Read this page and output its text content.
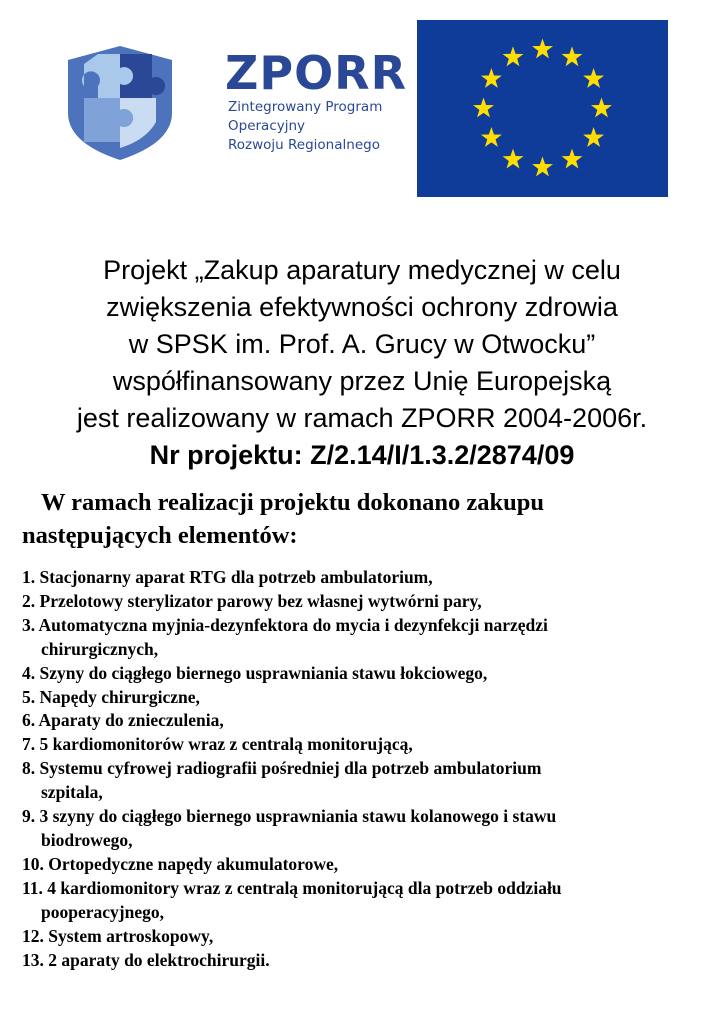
ZPORR
Zintegrowany Program
Operacyjny
Rozwoju Regionalnego
Projekt „Zakup aparatury medycznej w celu
zwiększenia efektywności ochrony zdrowia
w SPSK im. Prof. A. Grucy w Otwocku”
współfinansowany przez Unię Europejską
jest realizowany w ramach ZPORR 2004-2006r.
Nr projektu: Z/2.14/I/1.3.2/2874/09
W ramach realizacji projektu dokonano zakupu
następujących elementów:
1. Stacjonarny aparat RTG dla potrzeb ambulatorium,
2. Przelotowy sterylizator parowy bez własnej wytwórni pary,
3. Automatyczna myjnia-dezynfektora do mycia i dezynfekcji narzędzi
chirurgicznych,
4. Szyny do ciągłego biernego usprawniania stawu łokciowego,
5. Napędy chirurgiczne,
6. Aparaty do znieczulenia,
7. 5 kardiomonitorów wraz z centralą monitorującą,
8. Systemu cyfrowej radiografii pośredniej dla potrzeb ambulatorium
szpitala,
9. 3 szyny do ciągłego biernego usprawniania stawu kolanowego i stawu
biodrowego,
10. Ortopedyczne napędy akumulatorowe,
11. 4 kardiomonitory wraz z centralą monitorującą dla potrzeb oddziału
pooperacyjnego,
12. System artroskopowy,
13. 2 aparaty do elektrochirurgii.
